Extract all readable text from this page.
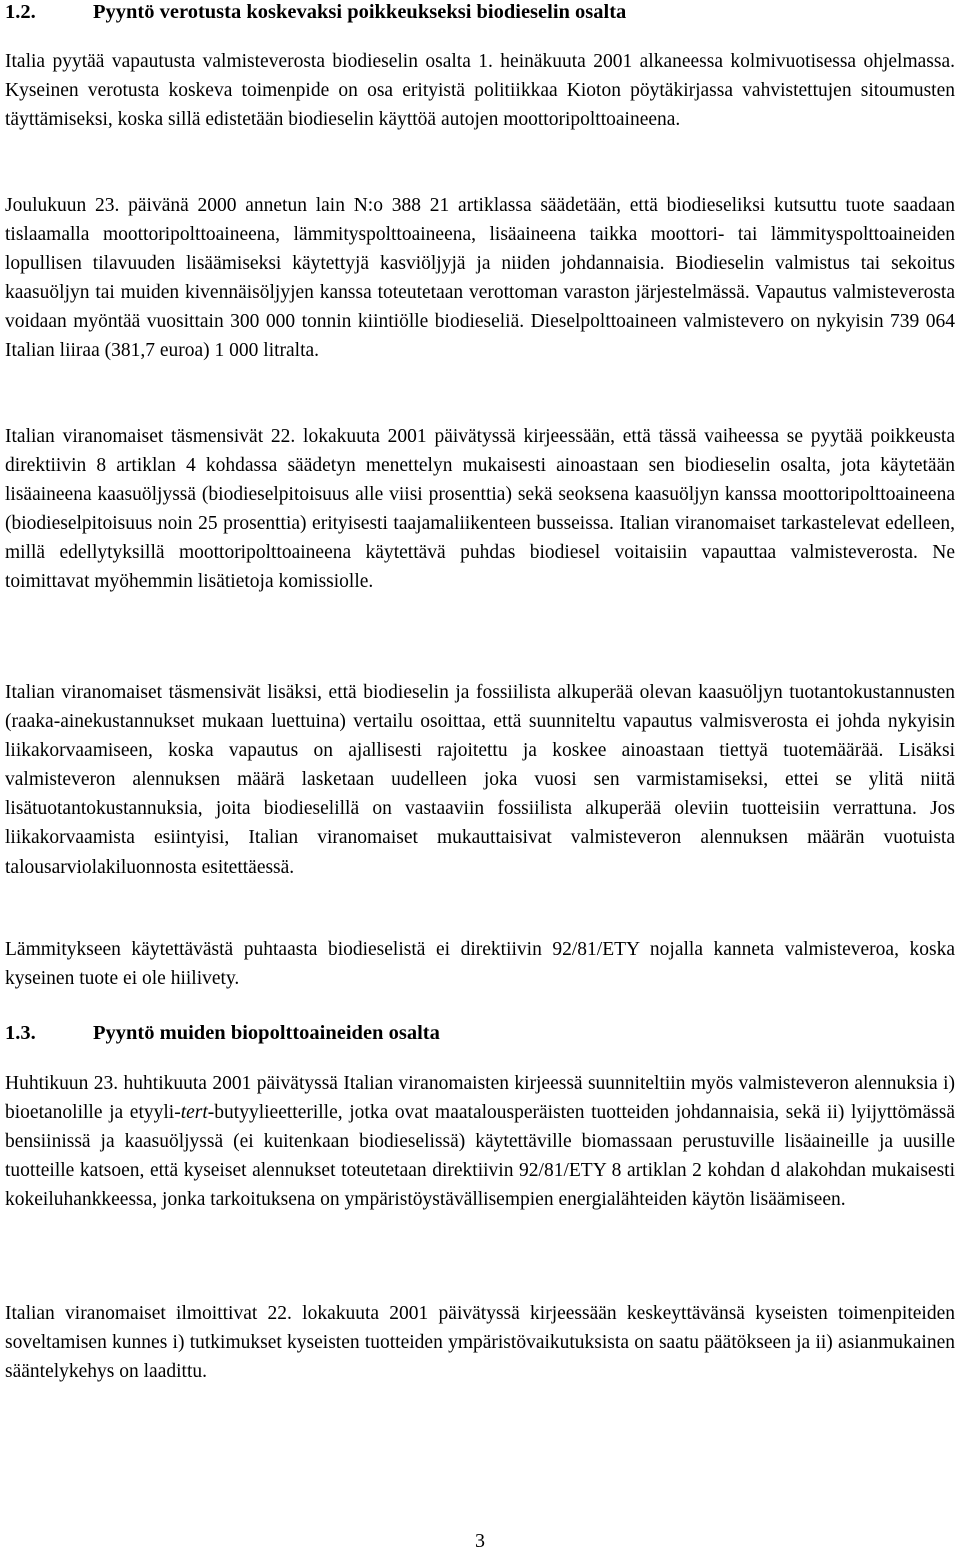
1.2.	Pyyntö verotusta koskevaksi poikkeukseksi biodieselin osalta

Italia pyytää vapautusta valmisteverosta biodieselin osalta 1. heinäkuuta 2001 alkaneessa kolmivuotisessa ohjelmassa. Kyseinen verotusta koskeva toimenpide on osa erityistä politiikkaa Kioton pöytäkirjassa vahvistettujen sitoumusten täyttämiseksi, koska sillä edistetään biodieselin käyttöä autojen moottoripolttoaineena.

Joulukuun 23. päivänä 2000 annetun lain N:o 388 21 artiklassa säädetään, että biodieseliksi kutsuttu tuote saadaan tislaamalla moottoripolttoaineena, lämmityspolttoaineena, lisäaineena taikka moottori- tai lämmityspolttoaineiden lopullisen tilavuuden lisäämiseksi käytettyjä kasviöljyjä ja niiden johdannaisia. Biodieselin valmistus tai sekoitus kaasuöljyn tai muiden kivennäisöljyjen kanssa toteutetaan verottoman varaston järjestelmässä. Vapautus valmisteverosta voidaan myöntää vuosittain 300 000 tonnin kiintiölle biodieseliä. Dieselpolttoaineen valmistevero on nykyisin 739 064 Italian liiraa (381,7 euroa) 1 000 litralta.

Italian viranomaiset täsmensivät 22. lokakuuta 2001 päivätyssä kirjeessään, että tässä vaiheessa se pyytää poikkeusta direktiivin 8 artiklan 4 kohdassa säädetyn menettelyn mukaisesti ainoastaan sen biodieselin osalta, jota käytetään lisäaineena kaasuöljyssä (biodieselpitoisuus alle viisi prosenttia) sekä seoksena kaasuöljyn kanssa moottoripolttoaineena (biodieselpitoisuus noin 25 prosenttia) erityisesti taajamaliikenteen busseissa. Italian viranomaiset tarkastelevat edelleen, millä edellytyksillä moottoripolttoaineena käytettävä puhdas biodiesel voitaisiin vapauttaa valmisteverosta. Ne toimittavat myöhemmin lisätietoja komissiolle.

Italian viranomaiset täsmensivät lisäksi, että biodieselin ja fossiilista alkuperää olevan kaasuöljyn tuotantokustannusten (raaka-ainekustannukset mukaan luettuina) vertailu osoittaa, että suunniteltu vapautus valmisverosta ei johda nykyisin liikakorvaamiseen, koska vapautus on ajallisesti rajoitettu ja koskee ainoastaan tiettyä tuotemäärää. Lisäksi valmisteveron alennuksen määrä lasketaan uudelleen joka vuosi sen varmistamiseksi, ettei se ylitä niitä lisätuotantokustannuksia, joita biodieselillä on vastaaviin fossiilista alkuperää oleviin tuotteisiin verrattuna. Jos liikakorvaamista esiintyisi, Italian viranomaiset mukauttaisivat valmisteveron alennuksen määrän vuotuista talousarviolakiluonnosta esitettäessä.

Lämmitykseen käytettävästä puhtaasta biodieselistä ei direktiivin 92/81/ETY nojalla kanneta valmisteveroa, koska kyseinen tuote ei ole hiilivety.

1.3.	Pyyntö muiden biopolttoaineiden osalta

Huhtikuun 23. huhtikuuta 2001 päivätyssä Italian viranomaisten kirjeessä suunniteltiin myös valmisteveron alennuksia i) bioetanolille ja etyyli-tert-butyylieetterille, jotka ovat maatalousperäisten tuotteiden johdannaisia, sekä ii) lyijyttömässä bensiinissä ja kaasuöljyssä (ei kuitenkaan biodieselissä) käytettäville biomassaan perustuville lisäaineille ja uusille tuotteille katsoen, että kyseiset alennukset toteutetaan direktiivin 92/81/ETY 8 artiklan 2 kohdan d alakohdan mukaisesti kokeiluhankkeessa, jonka tarkoituksena on ympäristöystävällisempien energialähteiden käytön lisäämiseen.

Italian viranomaiset ilmoittivat 22. lokakuuta 2001 päivätyssä kirjeessään keskeyttävänsä kyseisten toimenpiteiden soveltamisen kunnes i) tutkimukset kyseisten tuotteiden ympäristövaikutuksista on saatu päätökseen ja ii) asianmukainen sääntelykehys on laadittu.

3
